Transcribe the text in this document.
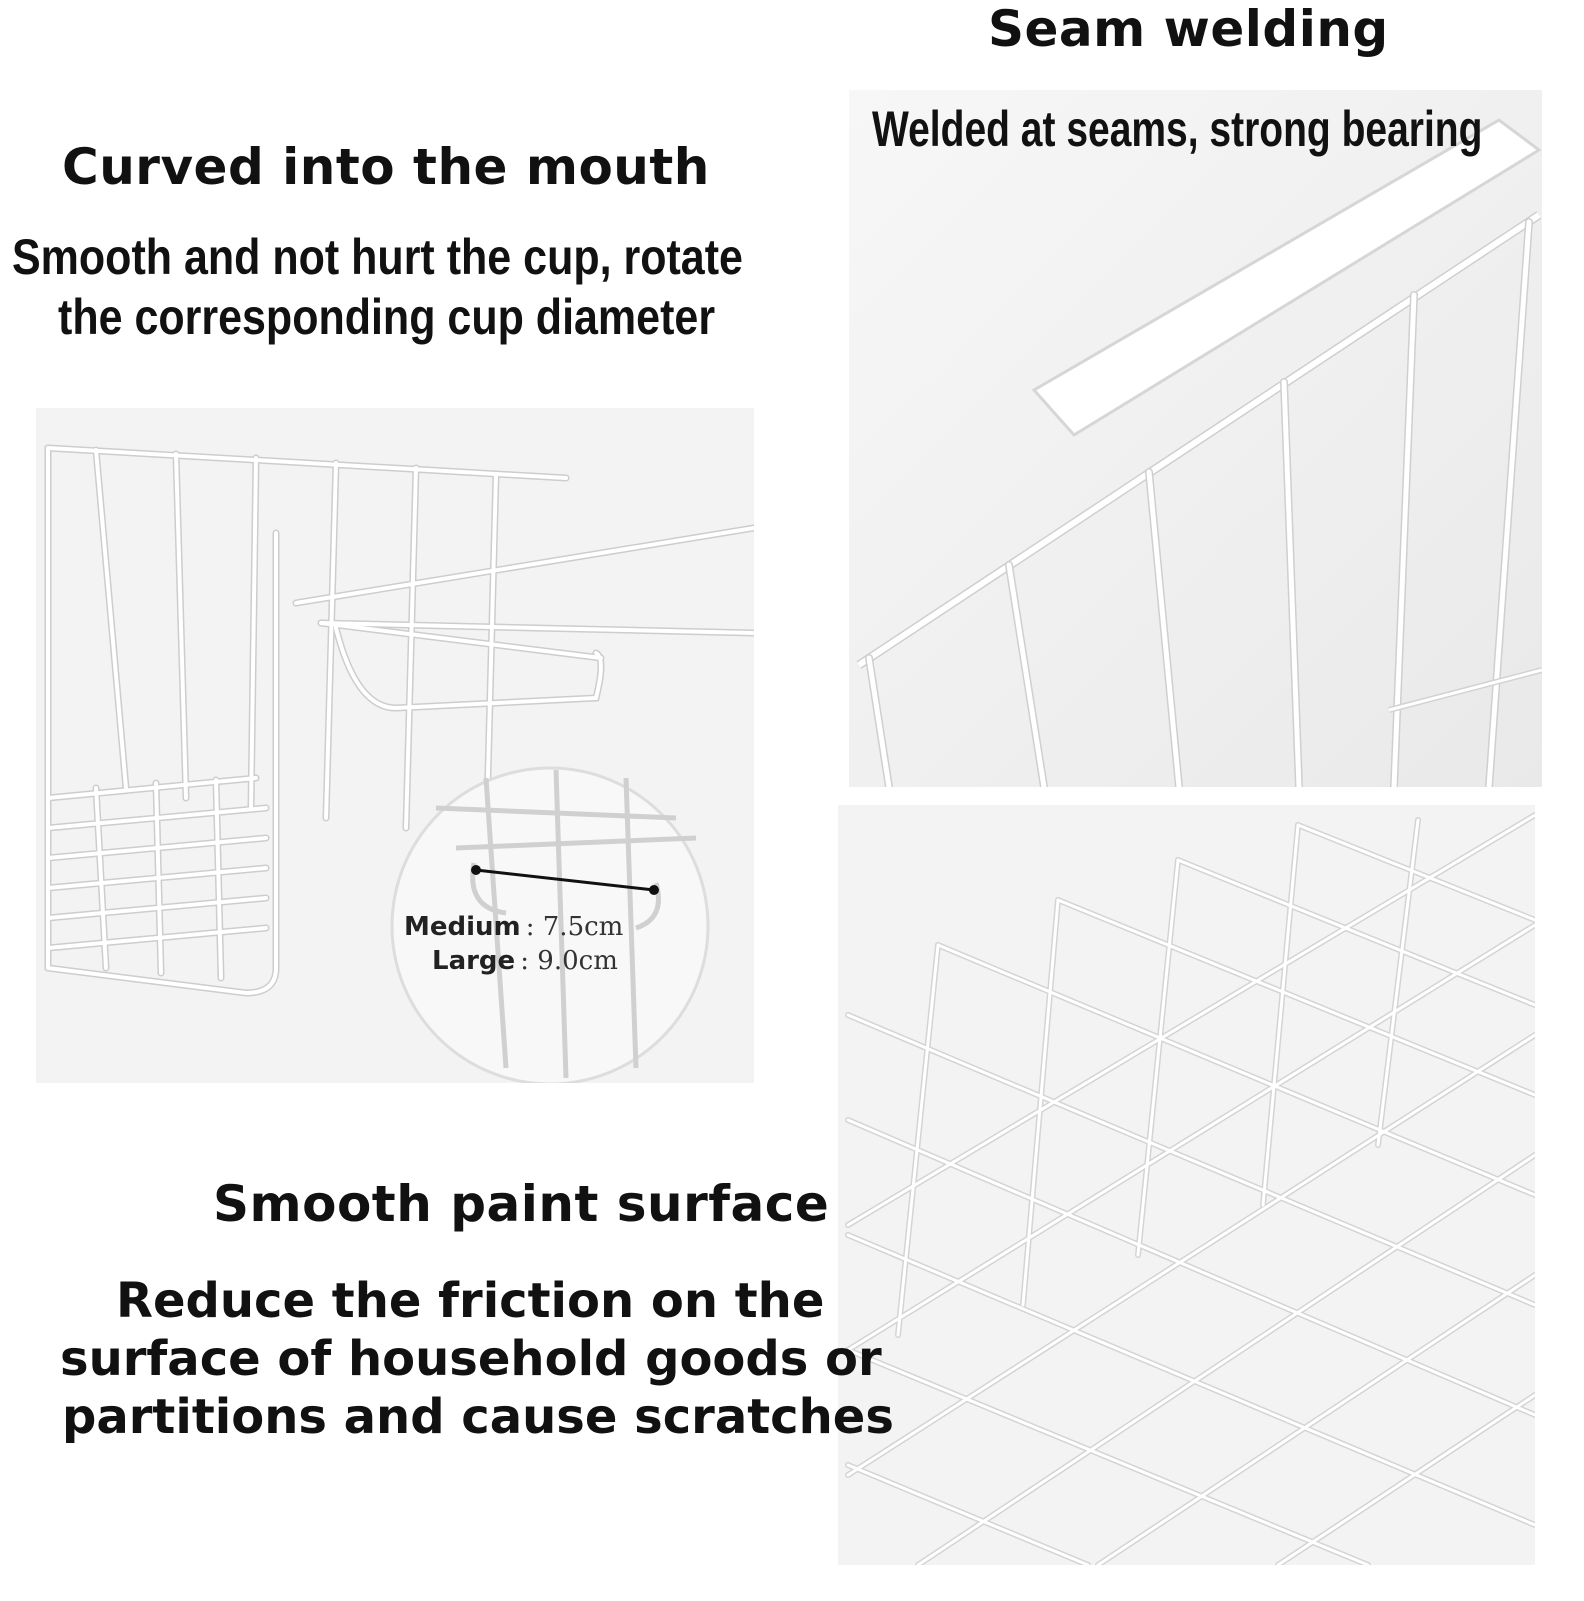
Curved into the mouth
Smooth and not hurt the cup, rotate
the corresponding cup diameter
Seam welding
Welded at seams, strong bearing
Medium : 7.5cm
Large : 9.0cm
Smooth paint surface
Reduce the friction on the
surface of household goods or
partitions and cause scratches
